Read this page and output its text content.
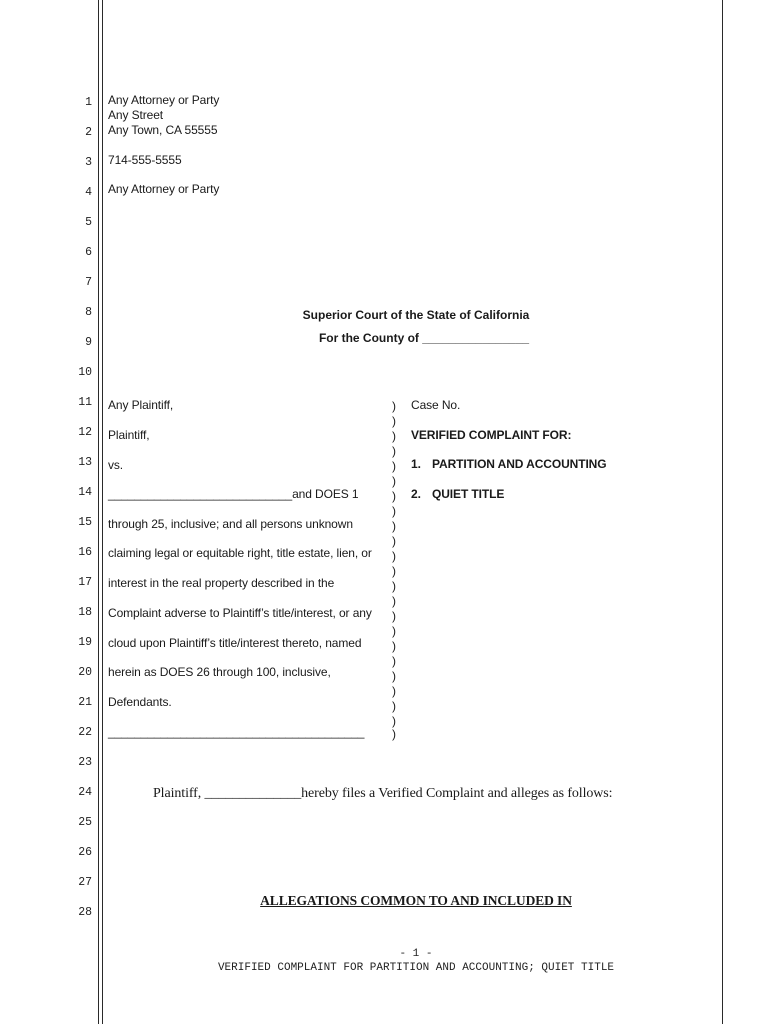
1
2
3
4
5
6
7
8
9
10
11
12
13
14
15
16
17
18
19
20
21
22
23
24
25
26
27
28
Any Attorney or Party
Any Street
Any Town, CA 55555
714-555-5555
Any Attorney or Party
Superior Court of the State of California
For the County of ________________
Any Plaintiff,
Plaintiff,
vs.
____________________________and DOES 1
through 25, inclusive; and all persons unknown
claiming legal or equitable right, title estate, lien, or
interest in the real property described in the
Complaint adverse to Plaintiff’s title/interest, or any
cloud upon Plaintiff’s title/interest thereto, named
herein as DOES 26 through 100, inclusive,
Defendants.
_______________________________________
)
)
)
)
)
)
)
)
)
)
)
)
)
)
)
)
)
)
)
)
)
)
)
Case No.
VERIFIED COMPLAINT FOR:
1. PARTITION AND ACCOUNTING
2. QUIET TITLE
Plaintiff, ______________hereby files a Verified Complaint and alleges as follows:
ALLEGATIONS COMMON TO AND INCLUDED IN
- 1 -
VERIFIED COMPLAINT FOR PARTITION AND ACCOUNTING; QUIET TITLE
